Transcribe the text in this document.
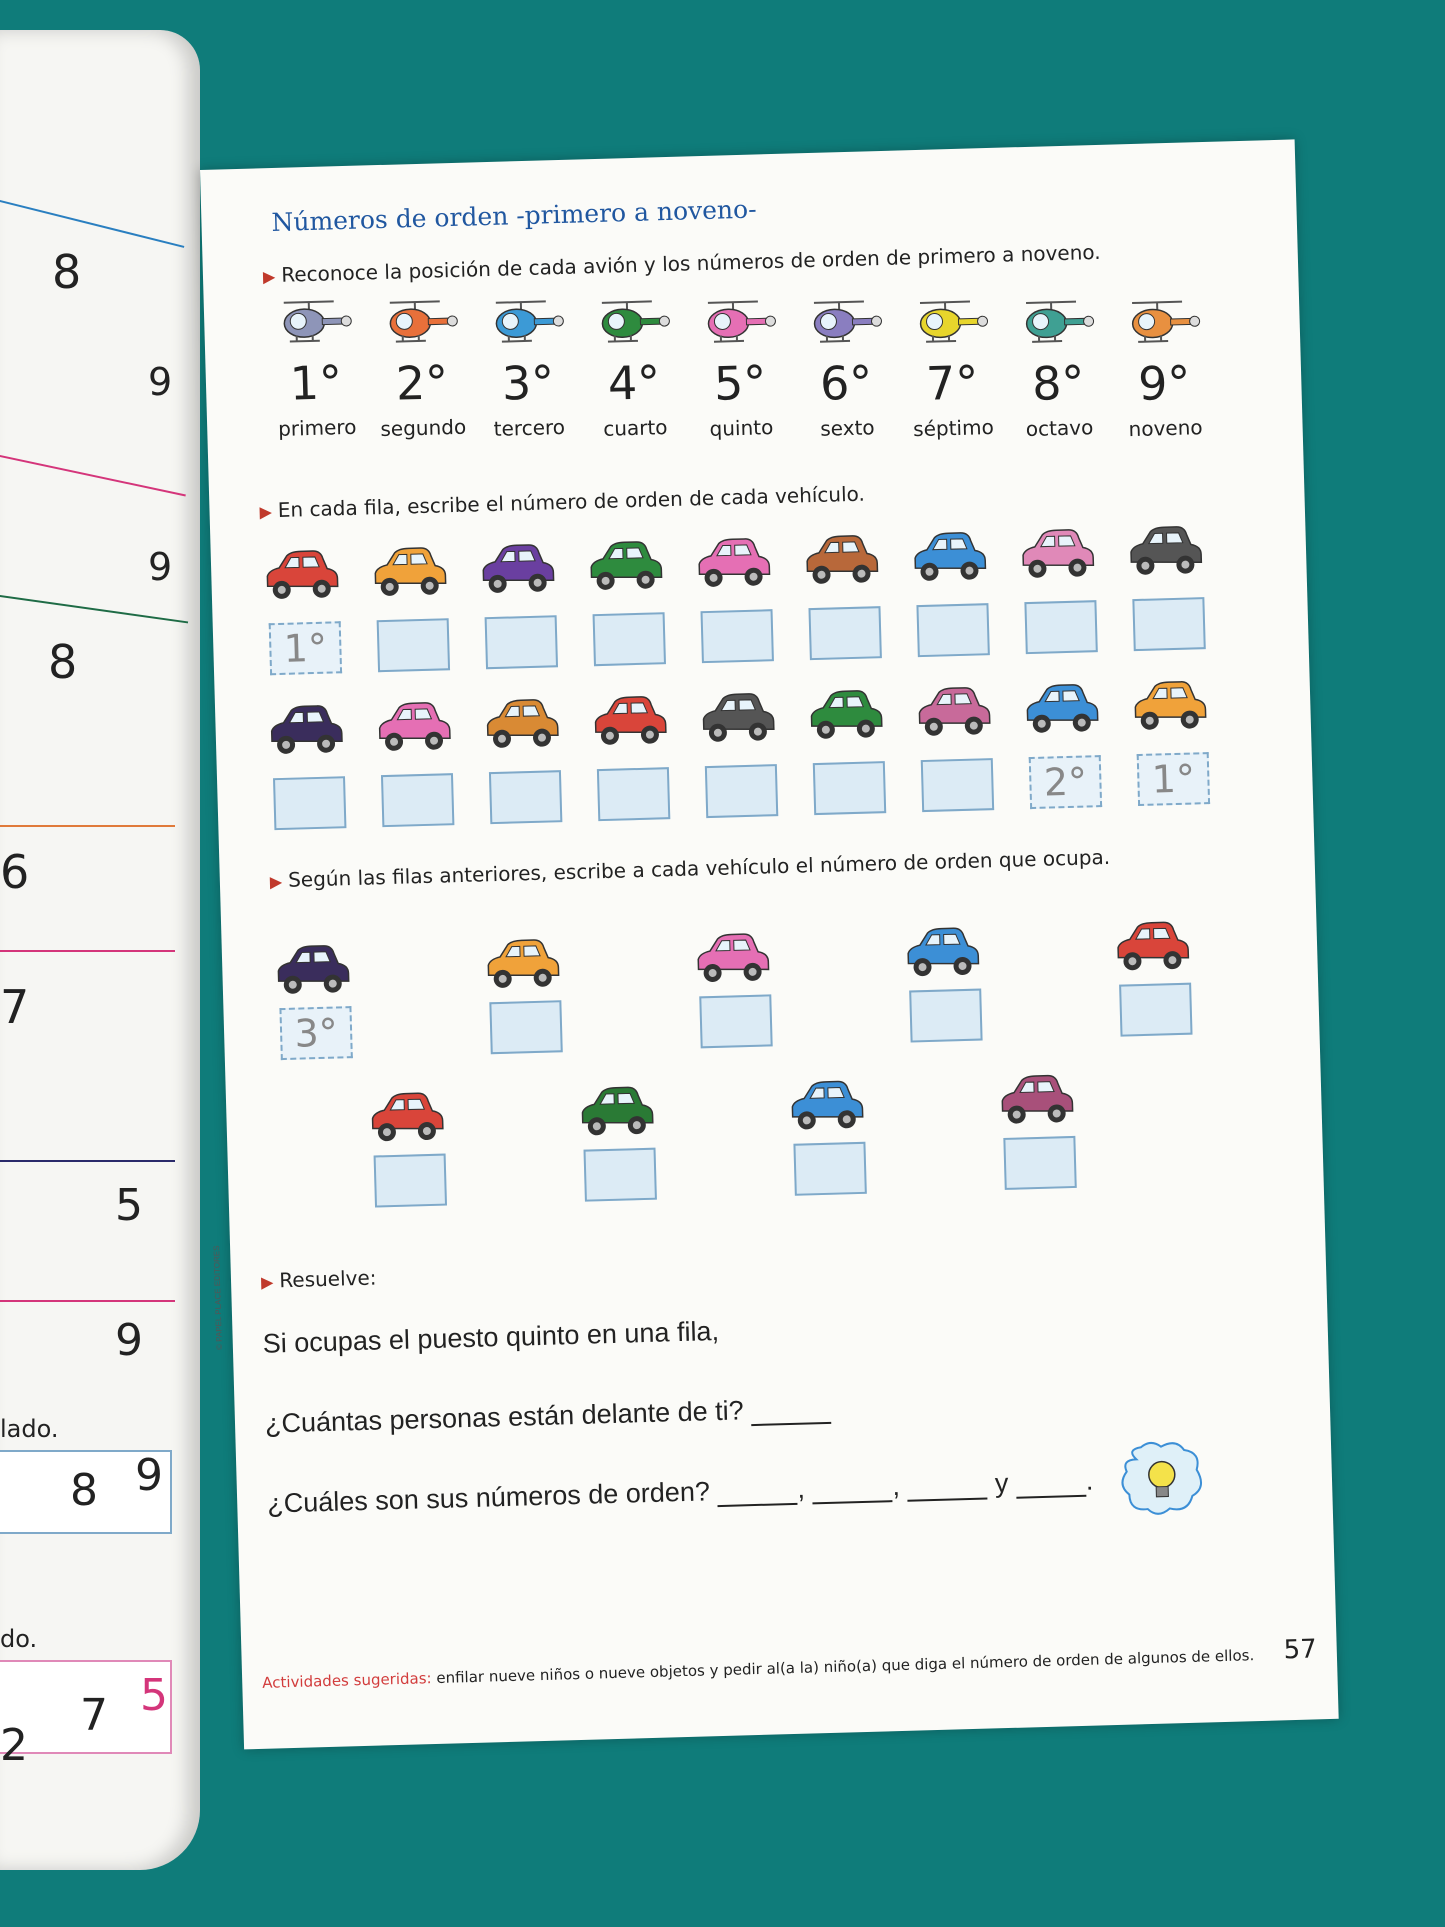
8
9
9
8
6
7
5
9
lado.
8 9
do.
2
7 5
Números de orden -primero a noveno-
▶ Reconoce la posición de cada avión y los números de orden de primero a noveno.
1°
primero
2°
segundo
3°
tercero
4°
cuarto
5°
quinto
6°
sexto
7°
séptimo
8°
octavo
9°
noveno
▶ En cada fila, escribe el número de orden de cada vehículo.
1°
2°	1°
▶ Según las filas anteriores, escribe a cada vehículo el número de orden que ocupa.
3°
▶ Resuelve:
Si ocupas el puesto quinto en una fila,
¿Cuántas personas están delante de ti?
¿Cuáles son sus números de orden?	,	,	y	.
© PAPEL PLACE EDITORES
Actividades sugeridas: enfilar nueve niños o nueve objetos y pedir al(a la) niño(a) que diga el número de orden de algunos de ellos. 57
